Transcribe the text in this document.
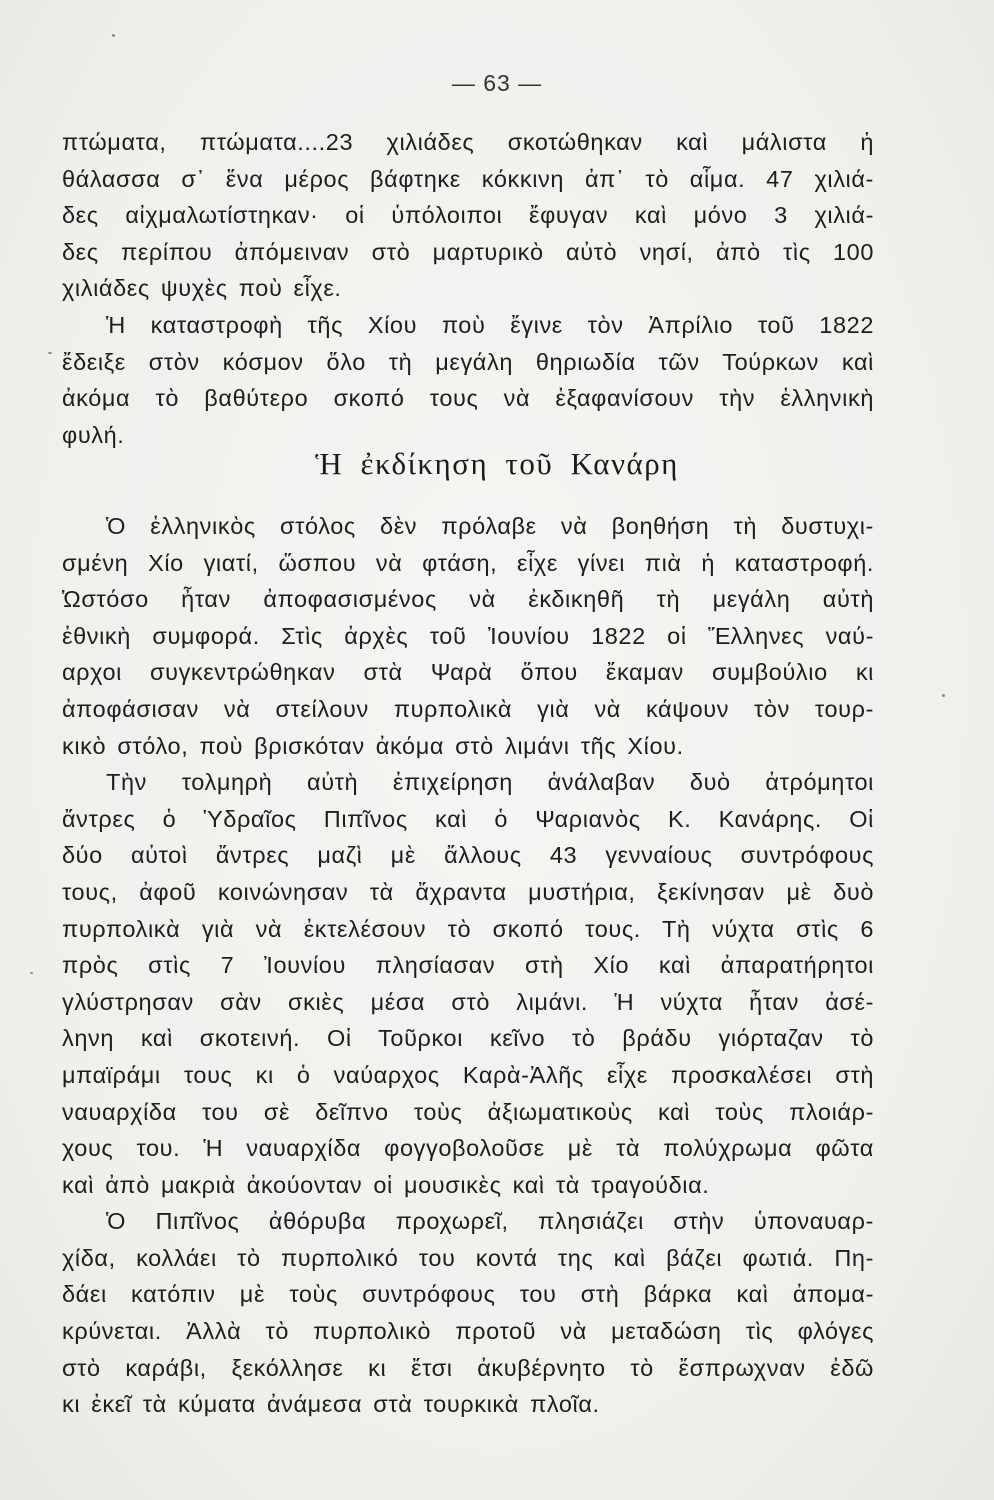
— 63 —
πτώματα, πτώματα....23 χιλιάδες σκοτώθηκαν καὶ μάλιστα ἡ
θάλασσα σ᾽ ἕνα μέρος βάφτηκε κόκκινη ἀπ᾽ τὸ αἷμα. 47 χιλιά-
δες αἰχμαλωτίστηκαν· οἱ ὑπόλοιποι ἔφυγαν καὶ μόνο 3 χιλιά-
δες περίπου ἀπόμειναν στὸ μαρτυρικὸ αὐτὸ νησί, ἀπὸ τὶς 100
χιλιάδες ψυχὲς ποὺ εἶχε.
Ἡ καταστροφὴ τῆς Χίου ποὺ ἔγινε τὸν Ἀπρίλιο τοῦ 1822
ἔδειξε στὸν κόσμον ὅλο τὴ μεγάλη θηριωδία τῶν Τούρκων καὶ
ἀκόμα τὸ βαθύτερο σκοπό τους νὰ ἐξαφανίσουν τὴν ἑλληνικὴ
φυλή.
Ἡ ἐκδίκηση τοῦ Κανάρη
Ὁ ἑλληνικὸς στόλος δὲν πρόλαβε νὰ βοηθήση τὴ δυστυχι-
σμένη Χίο γιατί, ὥσπου νὰ φτάση, εἶχε γίνει πιὰ ἡ καταστροφή.
Ὡστόσο ἦταν ἀποφασισμένος νὰ ἐκδικηθῆ τὴ μεγάλη αὐτὴ
ἐθνικὴ συμφορά. Στὶς ἀρχὲς τοῦ Ἰουνίου 1822 οἱ Ἕλληνες ναύ-
αρχοι συγκεντρώθηκαν στὰ Ψαρὰ ὅπου ἔκαμαν συμβούλιο κι
ἀποφάσισαν νὰ στείλουν πυρπολικὰ γιὰ νὰ κάψουν τὸν τουρ-
κικὸ στόλο, ποὺ βρισκόταν ἀκόμα στὸ λιμάνι τῆς Χίου.
Τὴν τολμηρὴ αὐτὴ ἐπιχείρηση ἀνάλαβαν δυὸ ἀτρόμητοι
ἄντρες ὁ Ὑδραῖος Πιπῖνος καὶ ὁ Ψαριανὸς Κ. Κανάρης. Οἱ
δύο αὐτοὶ ἄντρες μαζὶ μὲ ἄλλους 43 γενναίους συντρόφους
τους, ἀφοῦ κοινώνησαν τὰ ἄχραντα μυστήρια, ξεκίνησαν μὲ δυὸ
πυρπολικὰ γιὰ νὰ ἐκτελέσουν τὸ σκοπό τους. Τὴ νύχτα στὶς 6
πρὸς στὶς 7 Ἰουνίου πλησίασαν στὴ Χίο καὶ ἀπαρατήρητοι
γλύστρησαν σὰν σκιὲς μέσα στὸ λιμάνι. Ἡ νύχτα ἦταν ἀσέ-
ληνη καὶ σκοτεινή. Οἱ Τοῦρκοι κεῖνο τὸ βράδυ γιόρταζαν τὸ
μπαϊράμι τους κι ὁ ναύαρχος Καρὰ-Ἀλῆς εἶχε προσκαλέσει στὴ
ναυαρχίδα του σὲ δεῖπνο τοὺς ἀξιωματικοὺς καὶ τοὺς πλοιάρ-
χους του. Ἡ ναυαρχίδα φογγοβολοῦσε μὲ τὰ πολύχρωμα φῶτα
καὶ ἀπὸ μακριὰ ἀκούονταν οἱ μουσικὲς καὶ τὰ τραγούδια.
Ὁ Πιπῖνος ἀθόρυβα προχωρεῖ, πλησιάζει στὴν ὑποναυαρ-
χίδα, κολλάει τὸ πυρπολικό του κοντά της καὶ βάζει φωτιά. Πη-
δάει κατόπιν μὲ τοὺς συντρόφους του στὴ βάρκα καὶ ἀπομα-
κρύνεται. Ἀλλὰ τὸ πυρπολικὸ προτοῦ νὰ μεταδώση τὶς φλόγες
στὸ καράβι, ξεκόλλησε κι ἔτσι ἀκυβέρνητο τὸ ἔσπρωχναν ἐδῶ
κι ἐκεῖ τὰ κύματα ἀνάμεσα στὰ τουρκικὰ πλοῖα.
